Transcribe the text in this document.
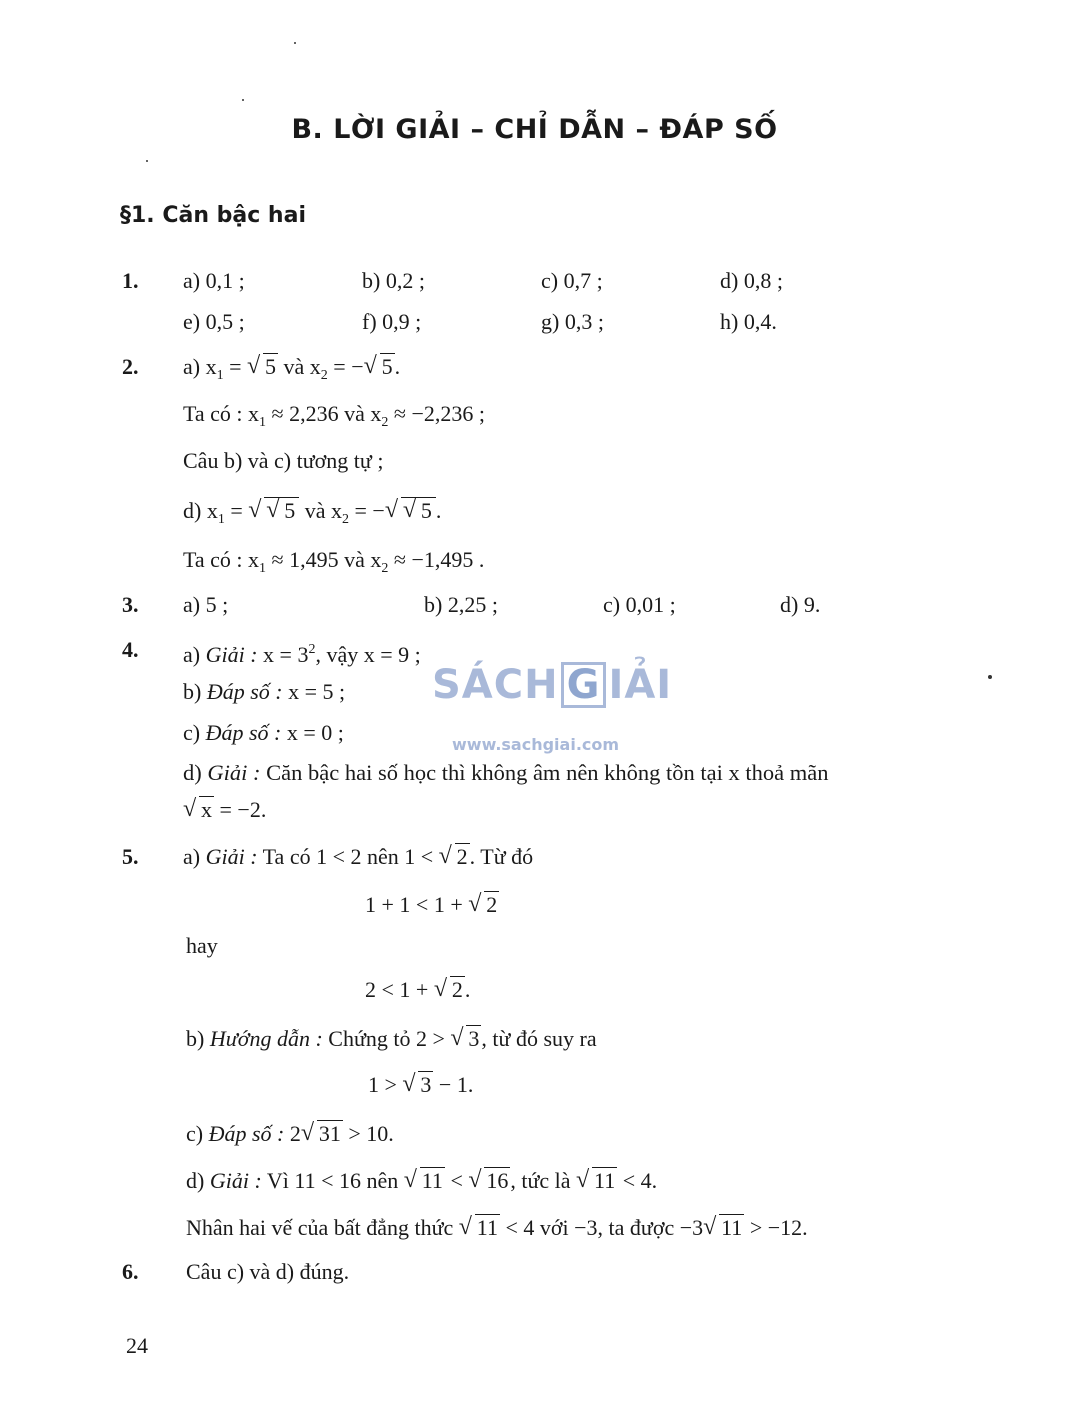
B. LỜI GIẢI – CHỈ DẪN – ĐÁP SỐ
§1. Căn bậc hai
SÁCH G IẢI
www.sachgiai.com
1. a) 0,1 ;	b) 0,2 ;	c) 0,7 ;	d) 0,8 ;
e) 0,5 ;	f) 0,9 ;	g) 0,3 ;	h) 0,4.
2. a) $x_1$ = √ 5 và $x_2$ = − √ 5.
Ta có : $x_1 \approx 2,236$ và $x_2 \approx -2,236$ ;
Câu b) và c) tương tự ;
d) $x_1$ = √ √ 5 và $x_2$ = − √ √ 5 .
Ta có : $x_1 \approx 1,495$ và $x_2 \approx -1,495$ .
3. a) 5 ;	b) 2,25 ;	c) 0,01 ;	d) 9.
4. a) Giải : $x = 3^2$, vậy x = 9 ;
b) Đáp số : x = 5 ;
c) Đáp số : x = 0 ;
d) Giải : Căn bậc hai số học thì không âm nên không tồn tại x thoả mãn
√ x = −2.
5. a) Giải : Ta có 1 < 2 nên 1 < √ 2. Từ đó
1 + 1 < 1 + √ 2
hay
2 < 1 + √ 2.
b) Hướng dẫn : Chứng tỏ 2 > √ 3, từ đó suy ra
1 > √ 3 − 1.
c) Đáp số : 2 √ 31 > 10.
d) Giải : Vì 11 < 16 nên √ 11 < √ 16, tức là √ 11 < 4.
Nhân hai vế của bất đẳng thức √ 11 < 4 với −3, ta được −3 √ 11 > −12.
6. Câu c) và d) đúng.
24
